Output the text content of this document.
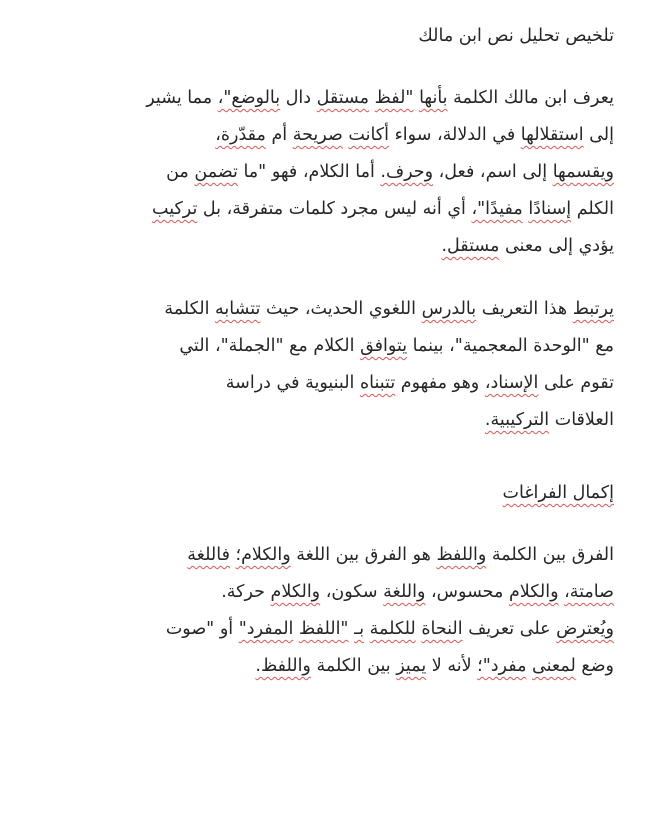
تلخيص تحليل نص ابن مالك

يعرف ابن مالك الكلمة بأنها "لفظ مستقل دال بالوضع"، مما يشير
إلى استقلالها في الدلالة، سواء أكانت صريحة أم مقدّرة،
ويقسمها إلى اسم، فعل، وحرف. أما الكلام، فهو "ما تضمن من
الكلم إسنادًا مفيدًا"، أي أنه ليس مجرد كلمات متفرقة، بل تركيب
يؤدي إلى معنى مستقل.

يرتبط هذا التعريف بالدرس اللغوي الحديث، حيث تتشابه الكلمة
مع "الوحدة المعجمية"، بينما يتوافق الكلام مع "الجملة"، التي
تقوم على الإسناد، وهو مفهوم تتبناه البنيوية في دراسة
العلاقات التركيبية.

إكمال الفراغات

الفرق بين الكلمة واللفظ هو الفرق بين اللغة والكلام؛ فاللغة
صامتة، والكلام محسوس، واللغة سكون، والكلام حركة.
ويُعترض على تعريف النحاة للكلمة بـ "اللفظ المفرد" أو "صوت
وضع لمعنى مفرد"؛ لأنه لا يميز بين الكلمة واللفظ.
